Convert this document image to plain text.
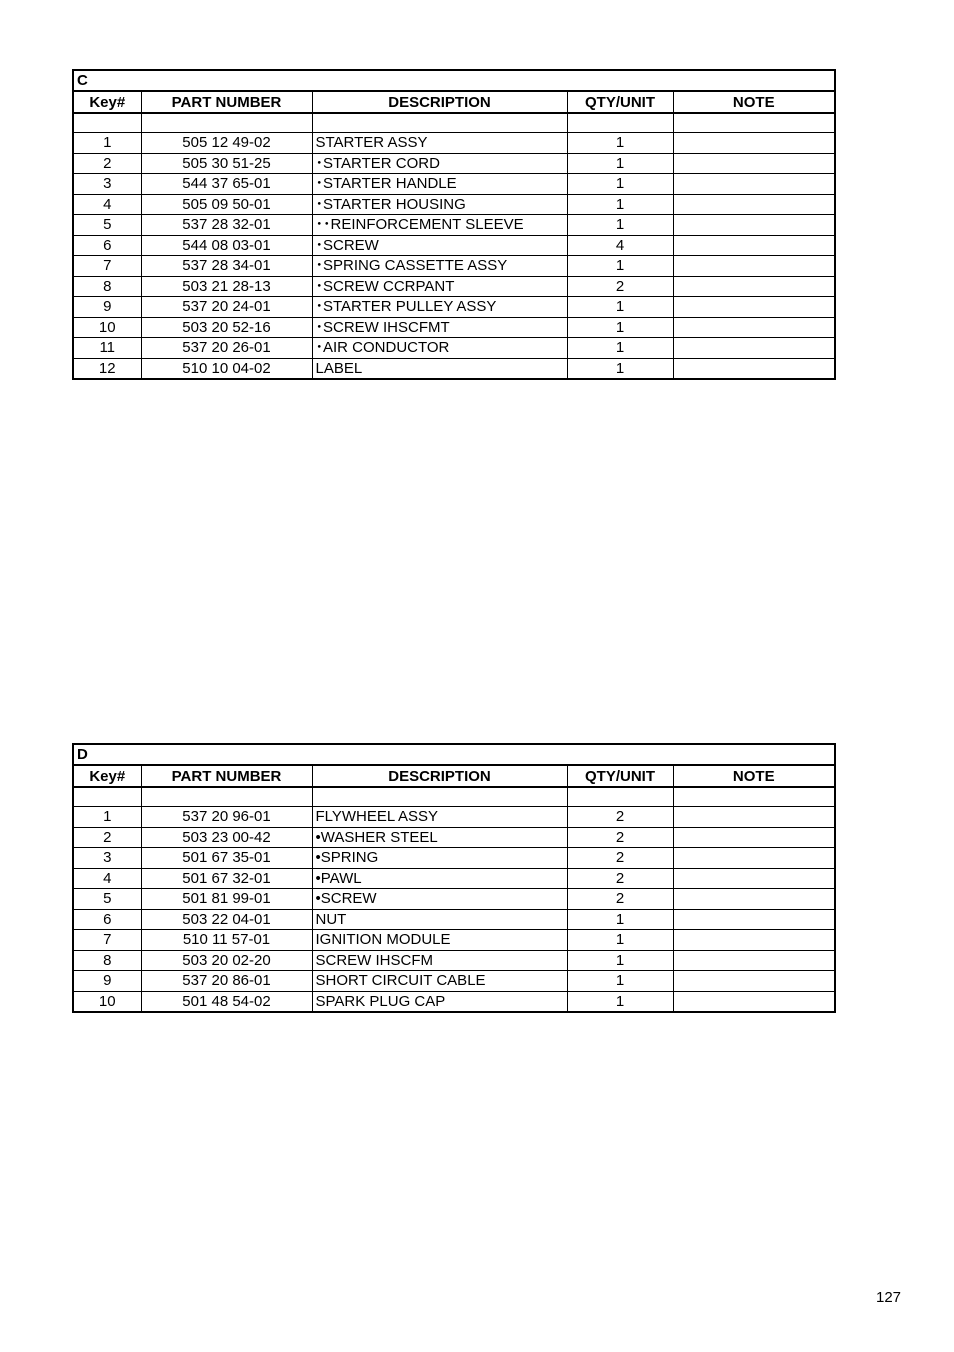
C				
Key#	PART NUMBER	DESCRIPTION	QTY/UNIT	NOTE

1	505 12 49-02	STARTER ASSY	1	
2	505 30 51-25	･STARTER CORD	1	
3	544 37 65-01	･STARTER HANDLE	1	
4	505 09 50-01	･STARTER HOUSING	1	
5	537 28 32-01	･･REINFORCEMENT SLEEVE	1	
6	544 08 03-01	･SCREW	4	
7	537 28 34-01	･SPRING CASSETTE ASSY	1	
8	503 21 28-13	･SCREW CCRPANT	2	
9	537 20 24-01	･STARTER PULLEY ASSY	1	
10	503 20 52-16	･SCREW IHSCFMT	1	
11	537 20 26-01	･AIR CONDUCTOR	1	
12	510 10 04-02	LABEL	1	
D				
Key#	PART NUMBER	DESCRIPTION	QTY/UNIT	NOTE

1	537 20 96-01	FLYWHEEL ASSY	2	
2	503 23 00-42	•WASHER STEEL	2	
3	501 67 35-01	•SPRING	2	
4	501 67 32-01	•PAWL	2	
5	501 81 99-01	•SCREW	2	
6	503 22 04-01	NUT	1	
7	510 11 57-01	IGNITION MODULE	1	
8	503 20 02-20	SCREW IHSCFM	1	
9	537 20 86-01	SHORT CIRCUIT CABLE	1	
10	501 48 54-02	SPARK PLUG CAP	1	
127
